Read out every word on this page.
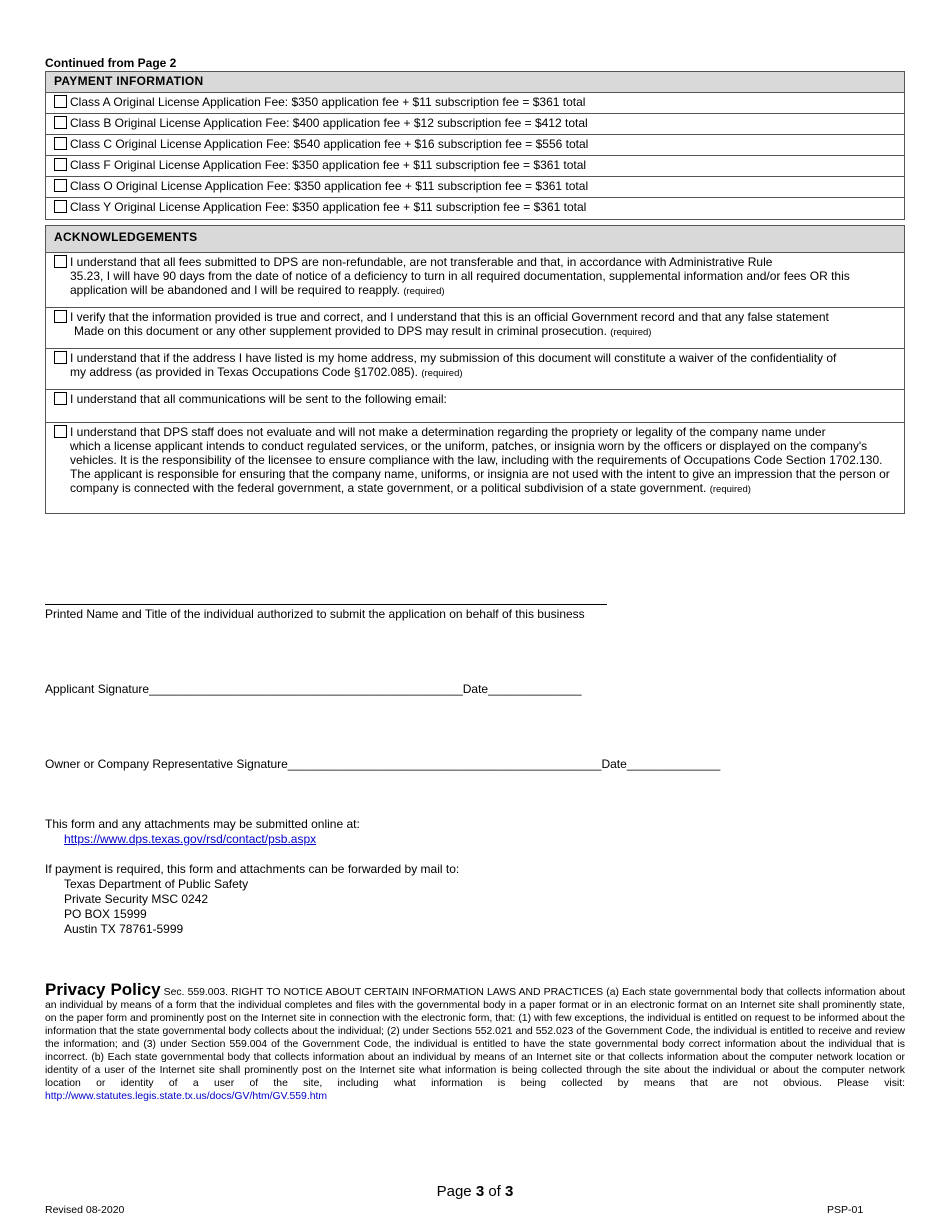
Continued from Page 2
PAYMENT INFORMATION
Class A Original License Application Fee: $350 application fee + $11 subscription fee = $361 total
Class B Original License Application Fee: $400 application fee + $12 subscription fee = $412 total
Class C Original License Application Fee: $540 application fee + $16 subscription fee = $556 total
Class F Original License Application Fee: $350 application fee + $11 subscription fee = $361 total
Class O Original License Application Fee: $350 application fee + $11 subscription fee = $361 total
Class Y Original License Application Fee: $350 application fee + $11 subscription fee = $361 total
ACKNOWLEDGEMENTS
I understand that all fees submitted to DPS are non-refundable, are not transferable and that, in accordance with Administrative Rule
35.23, I will have 90 days from the date of notice of a deficiency to turn in all required documentation, supplemental information and/or fees OR this application will be abandoned and I will be required to reapply. (required)

I verify that the information provided is true and correct, and I understand that this is an official Government record and that any false statement
Made on this document or any other supplement provided to DPS may result in criminal prosecution. (required)

I understand that if the address I have listed is my home address, my submission of this document will constitute a waiver of the confidentiality of
my address (as provided in Texas Occupations Code §1702.085). (required)

I understand that all communications will be sent to the following email:
I understand that DPS staff does not evaluate and will not make a determination regarding the propriety or legality of the company name under
which a license applicant intends to conduct regulated services, or the uniform, patches, or insignia worn by the officers or displayed on the company's vehicles. It is the responsibility of the licensee to ensure compliance with the law, including with the requirements of Occupations Code Section 1702.130. The applicant is responsible for ensuring that the company name, uniforms, or insignia are not used with the intent to give an impression that the person or company is connected with the federal government, a state government, or a political subdivision of a state government. (required)
Printed Name and Title of the individual authorized to submit the application on behalf of this business
Applicant Signature_______________________________________________Date______________
Owner or Company Representative Signature_______________________________________________Date______________
This form and any attachments may be submitted online at:
https://www.dps.texas.gov/rsd/contact/psb.aspx
If payment is required, this form and attachments can be forwarded by mail to:
Texas Department of Public Safety
Private Security MSC 0242
PO BOX 15999
Austin TX 78761-5999
Privacy Policy Sec. 559.003. RIGHT TO NOTICE ABOUT CERTAIN INFORMATION LAWS AND PRACTICES (a) Each state governmental body that collects information about an individual by means of a form that the individual completes and files with the governmental body in a paper format or in an electronic format on an Internet site shall prominently state, on the paper form and prominently post on the Internet site in connection with the electronic form, that: (1) with few exceptions, the individual is entitled on request to be informed about the information that the state governmental body collects about the individual; (2) under Sections 552.021 and 552.023 of the Government Code, the individual is entitled to receive and review the information; and (3) under Section 559.004 of the Government Code, the individual is entitled to have the state governmental body correct information about the individual that is incorrect. (b) Each state governmental body that collects information about an individual by means of an Internet site or that collects information about the computer network location or identity of a user of the Internet site shall prominently post on the Internet site what information is being collected through the site about the individual or about the computer network location or identity of a user of the site, including what information is being collected by means that are not obvious. Please visit: http://www.statutes.legis.state.tx.us/docs/GV/htm/GV.559.htm
Page 3 of 3
Revised 08-2020	PSP-01
